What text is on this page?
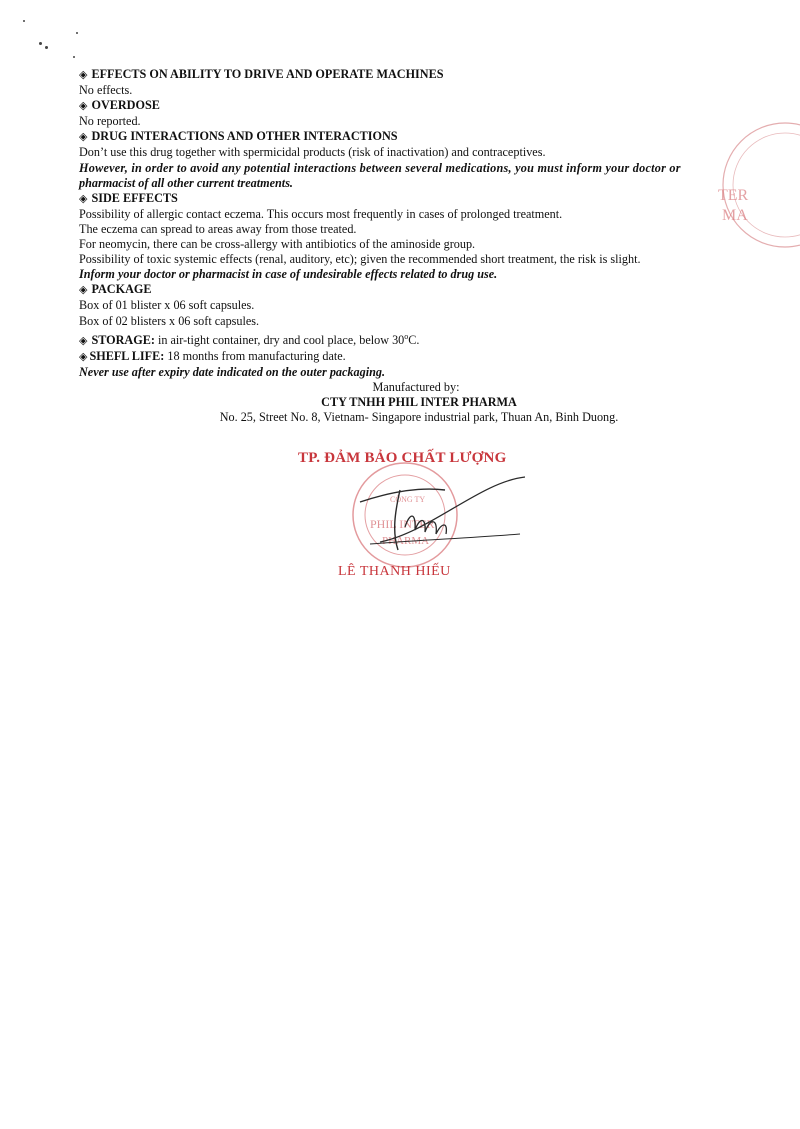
◈ EFFECTS ON ABILITY TO DRIVE AND OPERATE MACHINES
No effects.
◈ OVERDOSE
No reported.
◈ DRUG INTERACTIONS AND OTHER INTERACTIONS
Don’t use this drug together with spermicidal products (risk of inactivation) and contraceptives.
However, in order to avoid any potential interactions between several medications, you must inform your doctor or
pharmacist of all other current treatments.
◈ SIDE EFFECTS
Possibility of allergic contact eczema. This occurs most frequently in cases of prolonged treatment.
The eczema can spread to areas away from those treated.
For neomycin, there can be cross-allergy with antibiotics of the aminoside group.
Possibility of toxic systemic effects (renal, auditory, etc); given the recommended short treatment, the risk is slight.
Inform your doctor or pharmacist in case of undesirable effects related to drug use.
◈ PACKAGE
Box of 01 blister x 06 soft capsules.
Box of 02 blisters x 06 soft capsules.
◈ STORAGE: in air-tight container, dry and cool place, below 30$^o$C.
◈ SHEFL LIFE: 18 months from manufacturing date.
Never use after expiry date indicated on the outer packaging.
Manufactured by:
CTY TNHH PHIL INTER PHARMA
No. 25, Street No. 8, Vietnam- Singapore industrial park, Thuan An, Binh Duong.
TER
MA
CÔNG TY
PHIL INTER
PHARMA
TP. ĐẢM BẢO CHẤT LƯỢNG
LÊ THANH HIẾU
